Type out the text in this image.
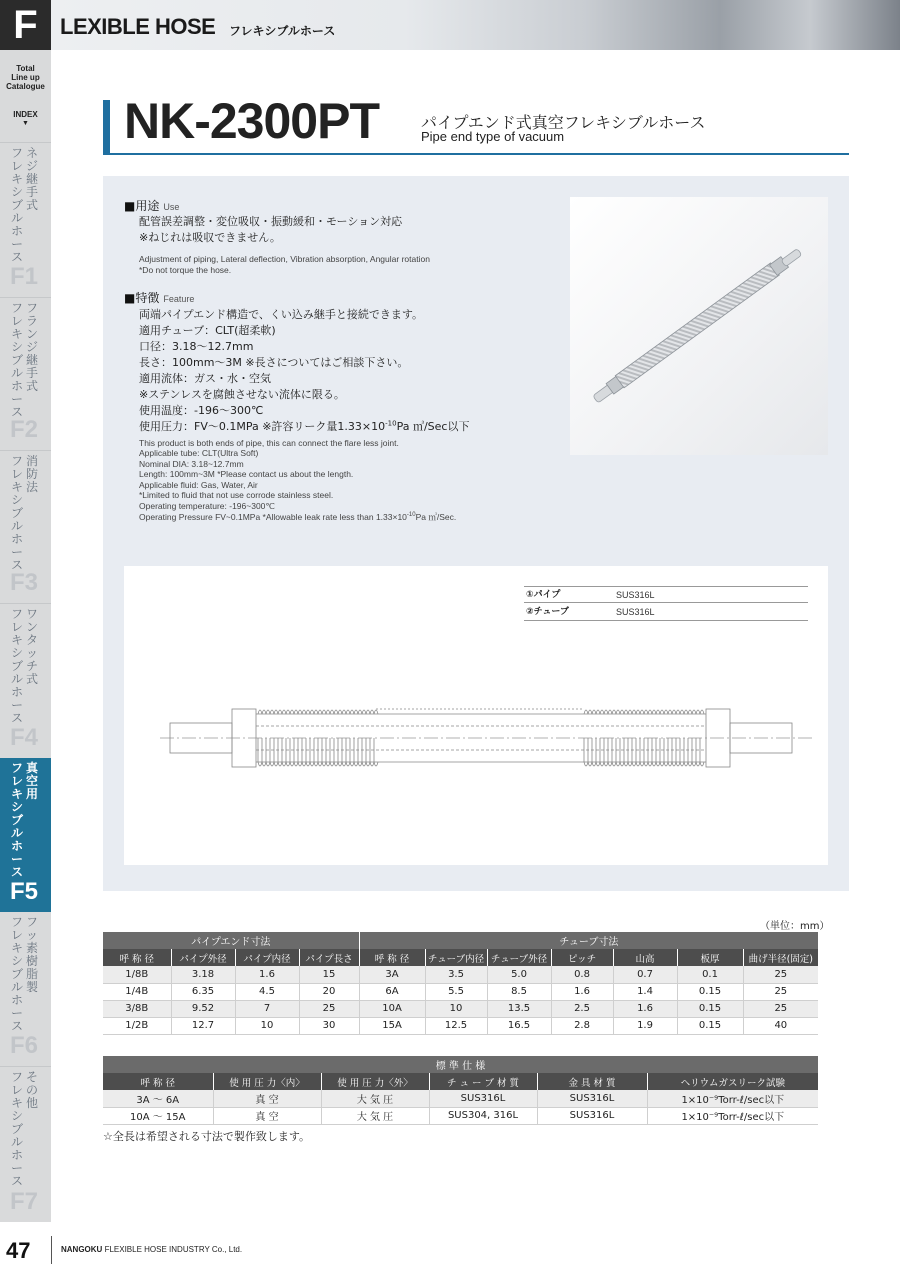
F	LEXIBLE HOSE フレキシブルホース
Total
Line up
Catalogue
INDEX
▼
ネジ継手式
フレキシブルホース
F1
フランジ継手式
フレキシブルホース
F2
消防法
フレキシブルホース
F3
ワンタッチ式
フレキシブルホース
F4
真空用
フレキシブルホース
F5
フッ素樹脂製
フレキシブルホース
F6
その他
フレキシブルホース
F7
47	NANGOKU FLEXIBLE HOSE INDUSTRY Co., Ltd.
NK-2300PT	パイプエンド式真空フレキシブルホース
Pipe end type of vacuum
■用途 Use
配管誤差調整・変位吸収・振動緩和・モーション対応
※ねじれは吸収できません。
Adjustment of piping, Lateral deflection, Vibration absorption, Angular rotation
*Do not torque the hose.
■特徴 Feature
両端パイプエンド構造で、くい込み継手と接続できます。
適用チューブ：CLT(超柔軟)
口径：3.18〜12.7mm
長さ：100mm〜3M ※長さについてはご相談下さい。
適用流体：ガス・水・空気
※ステンレスを腐蝕させない流体に限る。
使用温度：-196〜300℃
使用圧力：FV〜0.1MPa ※許容リーク量$1.33\times 10^{-10}Pa$ ㎥/Sec以下
This product is both ends of pipe, this can connect the flare less joint.
Applicable tube: CLT(Ultra Soft)
Nominal DIA: 3.18~12.7mm
Length: 100mm~3M *Please contact us about the length.
Applicable fluid: Gas, Water, Air
*Limited to fluid that not use corrode stainless steel.
Operating temperature: -196~300℃
Operating Pressure FV~0.1MPa *Allowable leak rate less than $1.33\times 10^{-10}Pa$ ㎥/Sec.
①パイプ	SUS316L
②チューブ	SUS316L
（単位：mm）
パイプエンド寸法				チューブ寸法						
呼 称 径	パイプ外径	パイプ内径	パイプ長さ	呼 称 径	チューブ内径	チューブ外径	ピッチ	山高	板厚	曲げ半径(固定)
1/8B	3.18	1.6	15	3A	3.5	5.0	0.8	0.7	0.1	25
1/4B	6.35	4.5	20	6A	5.5	8.5	1.6	1.4	0.15	25
3/8B	9.52	7	25	10A	10	13.5	2.5	1.6	0.15	25
1/2B	12.7	10	30	15A	12.5	16.5	2.8	1.9	0.15	40
標 準 仕 様					
呼 称 径	使 用 圧 力〈内〉	使 用 圧 力〈外〉	チ ュ ー ブ 材 質	金 具 材 質	ヘリウムガスリーク試験
3A 〜 6A	真 空	大 気 圧	SUS316L	SUS316L	1×10⁻⁹Torr-ℓ/sec以下
10A 〜 15A	真 空	大 気 圧	SUS304, 316L	SUS316L	1×10⁻⁹Torr-ℓ/sec以下
☆全長は希望される寸法で製作致します。
